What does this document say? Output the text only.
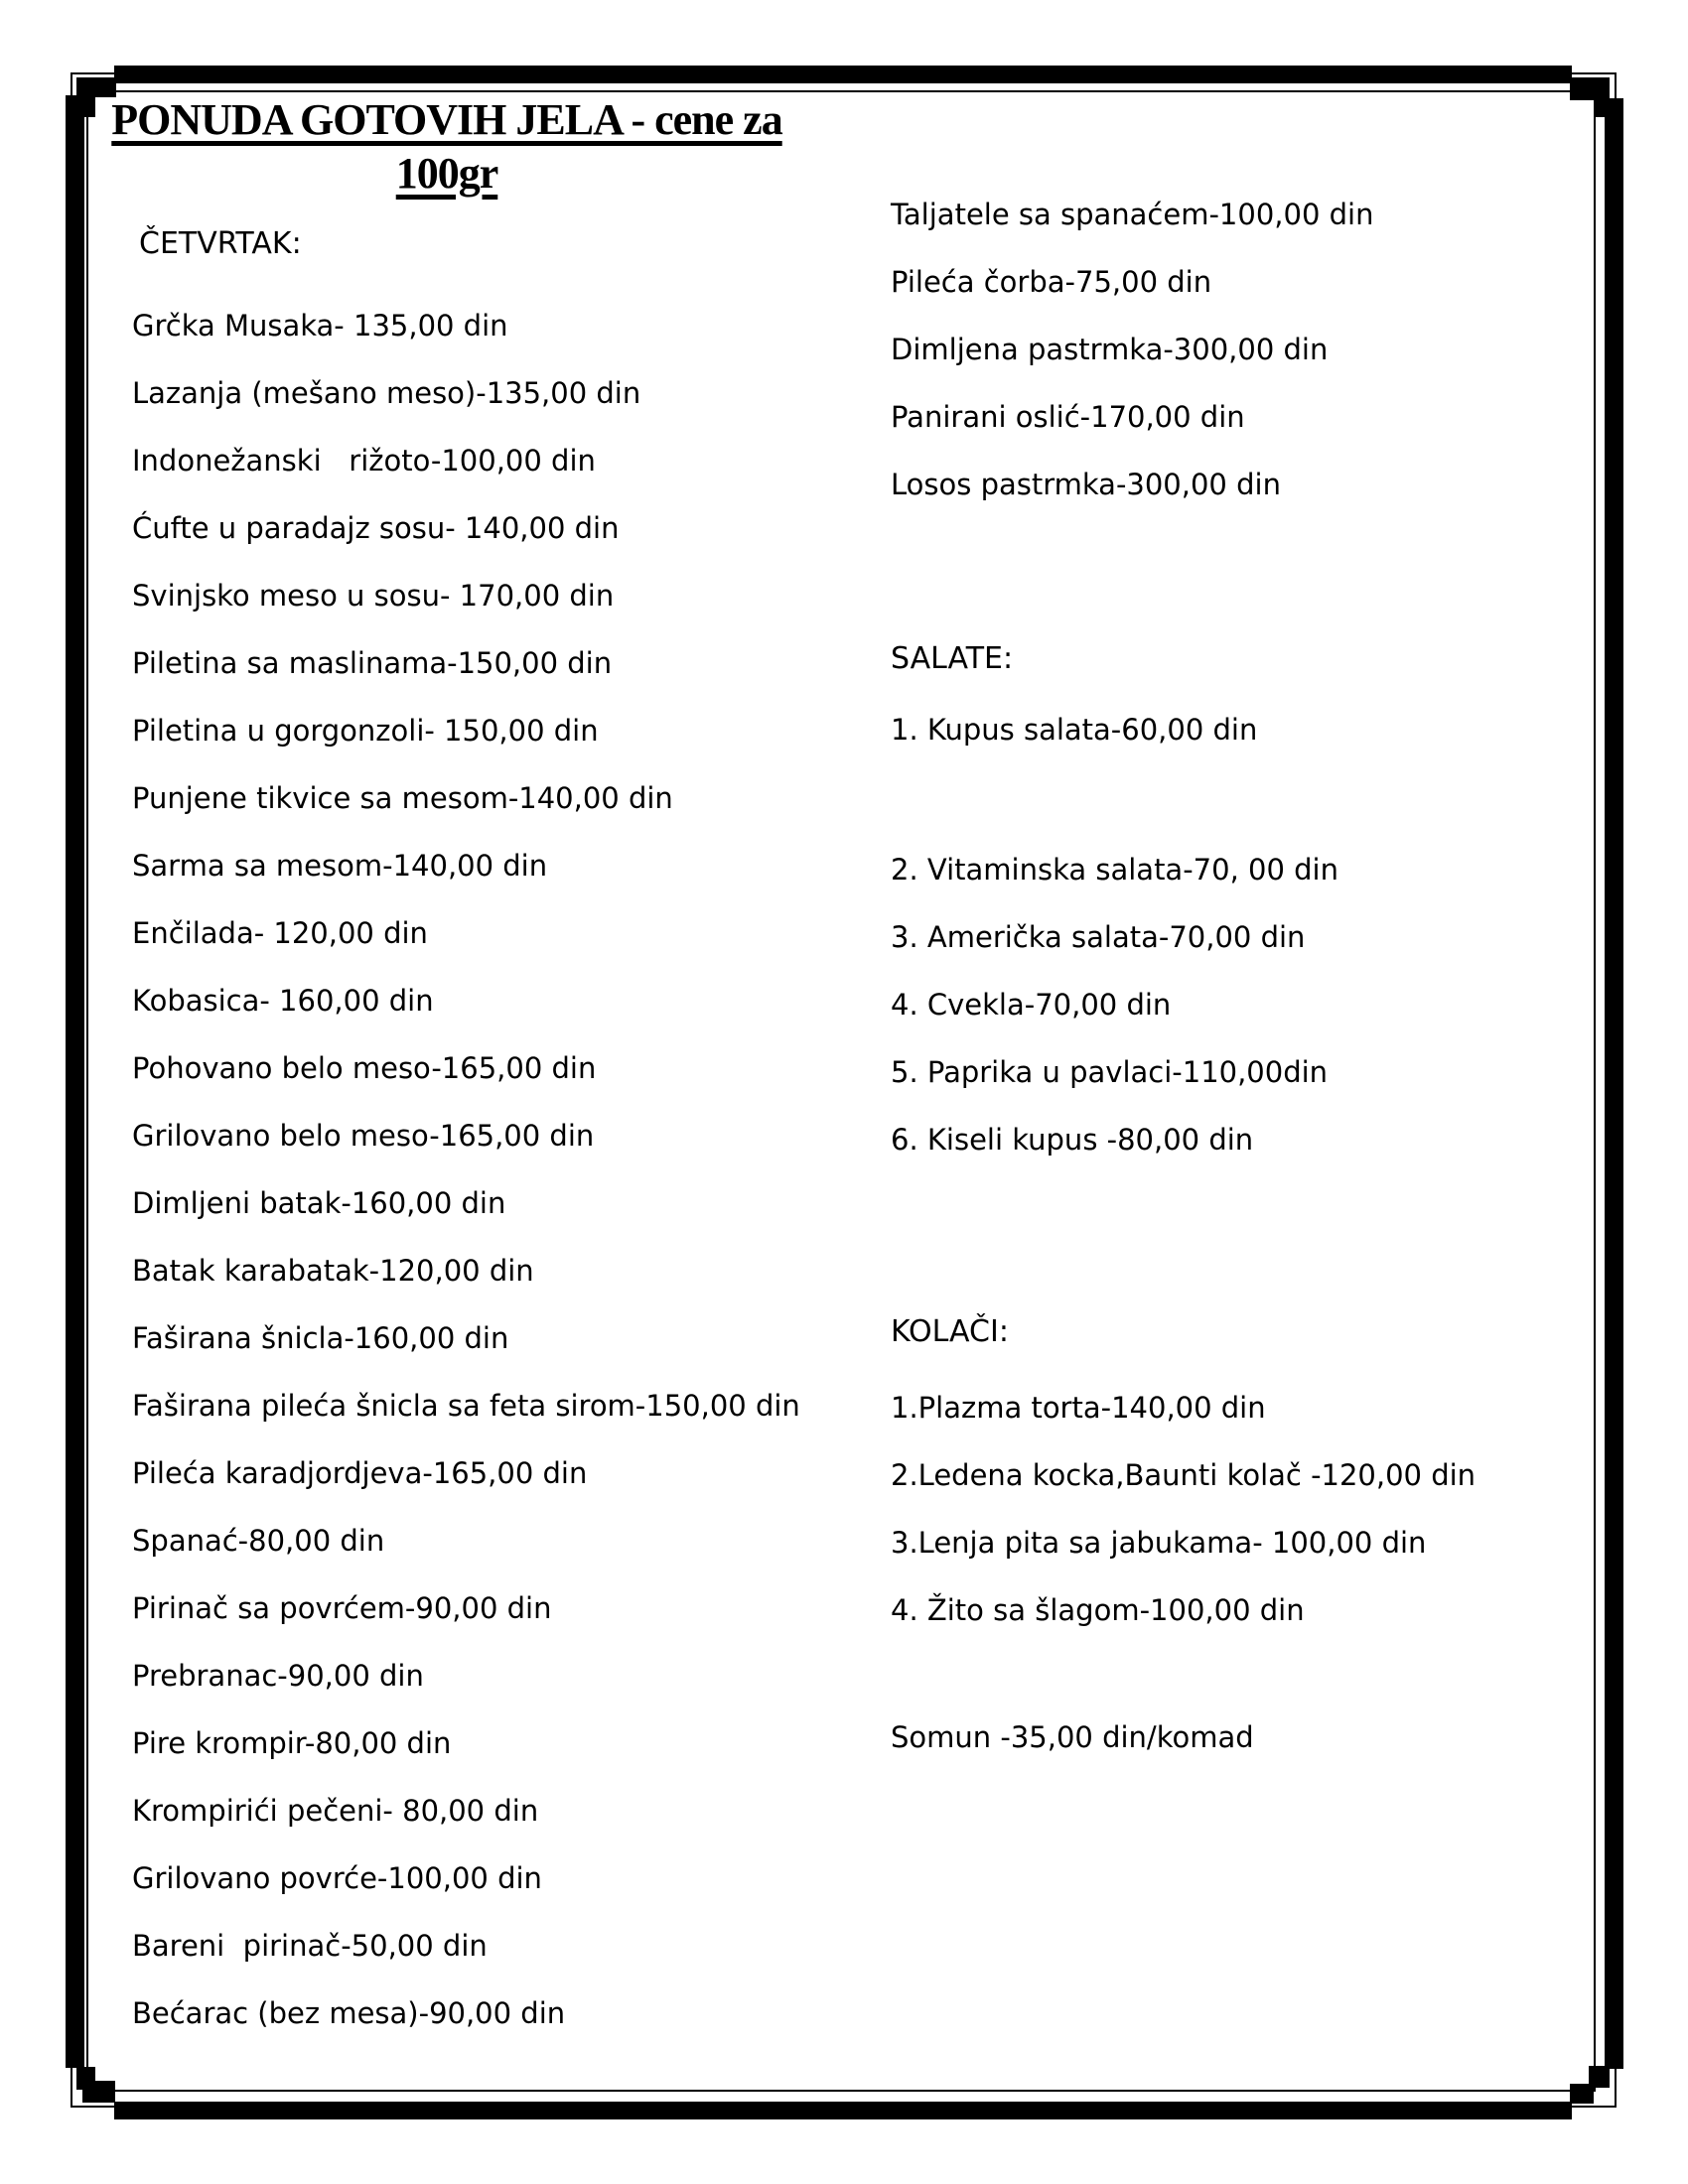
PONUDA GOTOVIH JELA - cene za
100gr
ČETVRTAK:
Grčka Musaka- 135,00 din
Lazanja (mešano meso)-135,00 din
Indonežanski   rižoto-100,00 din
Ćufte u paradajz sosu- 140,00 din
Svinjsko meso u sosu- 170,00 din
Piletina sa maslinama-150,00 din
Piletina u gorgonzoli- 150,00 din
Punjene tikvice sa mesom-140,00 din
Sarma sa mesom-140,00 din
Enčilada- 120,00 din
Kobasica- 160,00 din
Pohovano belo meso-165,00 din
Grilovano belo meso-165,00 din
Dimljeni batak-160,00 din
Batak karabatak-120,00 din
Faširana šnicla-160,00 din
Faširana pileća šnicla sa feta sirom-150,00 din
Pileća karadjordjeva-165,00 din
Spanać-80,00 din
Pirinač sa povrćem-90,00 din
Prebranac-90,00 din
Pire krompir-80,00 din
Krompirići pečeni- 80,00 din
Grilovano povrće-100,00 din
Bareni  pirinač-50,00 din
Bećarac (bez mesa)-90,00 din
Taljatele sa spanaćem-100,00 din
Pileća čorba-75,00 din
Dimljena pastrmka-300,00 din
Panirani oslić-170,00 din
Losos pastrmka-300,00 din
SALATE:
1. Kupus salata-60,00 din
2. Vitaminska salata-70, 00 din
3. Američka salata-70,00 din
4. Cvekla-70,00 din
5. Paprika u pavlaci-110,00din
6. Kiseli kupus -80,00 din
KOLAČI:
1.Plazma torta-140,00 din
2.Ledena kocka,Baunti kolač -120,00 din
3.Lenja pita sa jabukama- 100,00 din
4. Žito sa šlagom-100,00 din
Somun -35,00 din/komad
